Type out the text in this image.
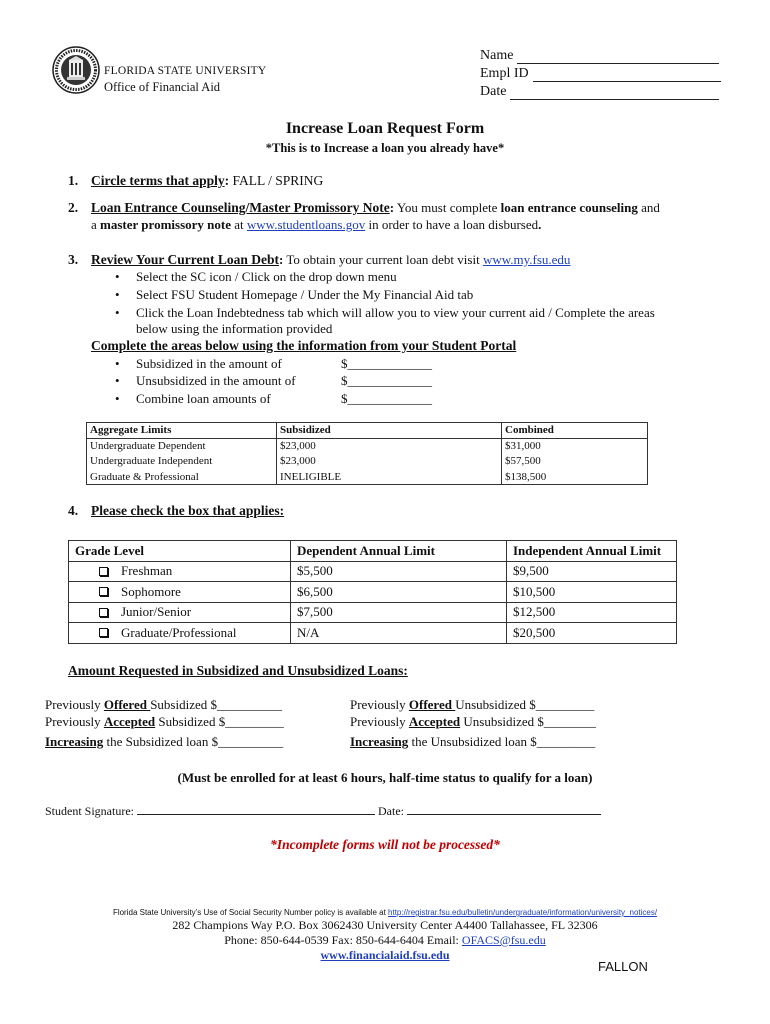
FLORIDA STATE UNIVERSITY
Office of Financial Aid
Name
Empl ID
Date
Increase Loan Request Form
*This is to Increase a loan you already have*
1. Circle terms that apply: FALL / SPRING
2. Loan Entrance Counseling/Master Promissory Note: You must complete loan entrance counseling and
a master promissory note at www.studentloans.gov in order to have a loan disbursed.
3. Review Your Current Loan Debt: To obtain your current loan debt visit www.my.fsu.edu
• Select the SC icon / Click on the drop down menu
• Select FSU Student Homepage / Under the My Financial Aid tab
• Click the Loan Indebtedness tab which will allow you to view your current aid / Complete the areas
below using the information provided
Complete the areas below using the information from your Student Portal
• Subsidized in the amount of	$_____________
• Unsubsidized in the amount of	$_____________
• Combine loan amounts of	$_____________
Aggregate Limits	Subsidized	Combined
Undergraduate Dependent	$23,000	$31,000
Undergraduate Independent	$23,000	$57,500
Graduate & Professional	INELIGIBLE	$138,500
4. Please check the box that applies:
Grade Level	Dependent Annual Limit	Independent Annual Limit
Freshman	$5,500	$9,500
Sophomore	$6,500	$10,500
Junior/Senior	$7,500	$12,500
Graduate/Professional	N/A	$20,500
Amount Requested in Subsidized and Unsubsidized Loans:
Previously Offered Subsidized $__________
Previously Accepted Subsidized $_________
Increasing the Subsidized loan $__________
Previously Offered Unsubsidized $_________
Previously Accepted Unsubsidized $________
Increasing the Unsubsidized loan $_________
(Must be enrolled for at least 6 hours, half-time status to qualify for a loan)
Student Signature:	Date:
*Incomplete forms will not be processed*
Florida State University’s Use of Social Security Number policy is available at http://registrar.fsu.edu/bulletin/undergraduate/information/university_notices/
282 Champions Way P.O. Box 3062430 University Center A4400 Tallahassee, FL 32306
Phone: 850-644-0539 Fax: 850-644-6404 Email: OFACS@fsu.edu
www.financialaid.fsu.edu
FALLON
